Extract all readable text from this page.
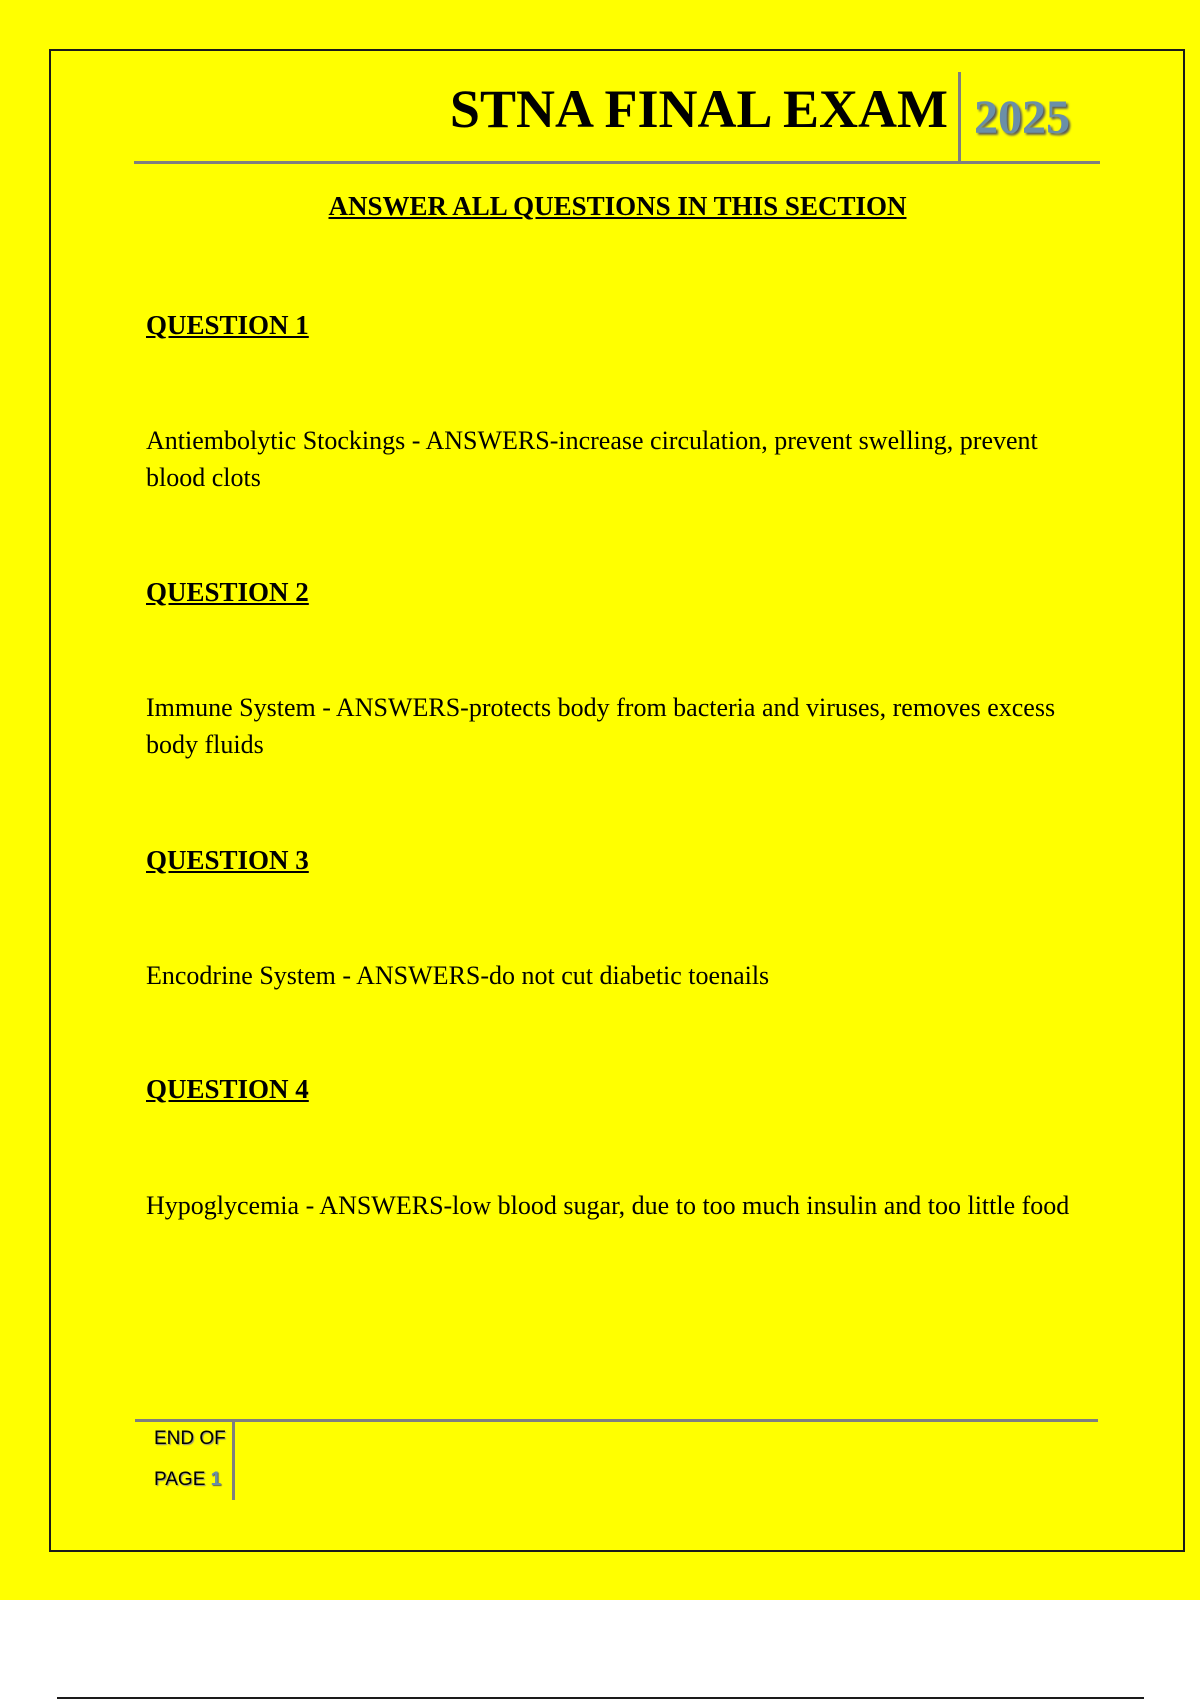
STNA FINAL EXAM 2025
ANSWER ALL QUESTIONS IN THIS SECTION
QUESTION 1
Antiembolytic Stockings - ANSWERS-increase circulation, prevent swelling, prevent blood clots
QUESTION 2
Immune System - ANSWERS-protects body from bacteria and viruses, removes excess body fluids
QUESTION 3
Encodrine System - ANSWERS-do not cut diabetic toenails
QUESTION 4
Hypoglycemia - ANSWERS-low blood sugar, due to too much insulin and too little food
END OF
PAGE 1
